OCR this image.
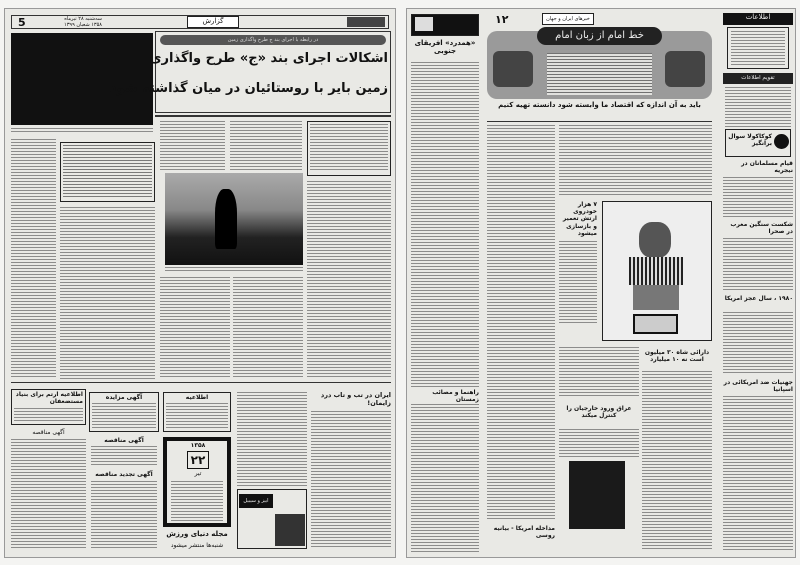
5	سه‌شنبه ۲۸ تیرماه
۱۳۵۸ شعبان ۱۳۹۹	گزارش
در رابطه با اجرای بند ج طرح واگذاری زمین
اشکالات اجرای بند «ج» طرح واگذاری
زمین بایر با روستائیان در میان گذاشته شود
اطلاعیه ارتم برای بنیاد مستضعفان
آگهی مناقصه
آگهی مزایده
آگهی مناقصه
آگهی تجدید مناقصه
اطلاعیه
۱۳۵۸
۲۲
تیر
مجله دنیای ورزش
شنبه‌ها منتشر میشود
ابیز و سیبیل
ایران در تب و تاب درد زایمان!
«همدرد» افریقای جنوبی
۱۲	خبرهای ایران و جهان
خط امام از زبان امام
باید به آن اندازه که اقتصاد ما وابسته شود دانسته تهیه کنیم
۷ هزار خودروی ارتش تعمیر و بازسازی میشود
دارائی شاه ۳۰ میلیون است نه ۱۰ میلیارد
عراق ورود خارجیان را کنترل میکند
راهنما و مصائب زمستان
مداخله امریکا - بیانیه روسی
اطلاعات
تقویم اطلاعات
کوکاکولا سوال برانگیز
قیام مسلمانان در نیجریه
شکست سنگین مغرب در صحرا
۱۹۸۰ ، سال عجز امریکا
جهنیات ضد امریکائی در اسپانیا
